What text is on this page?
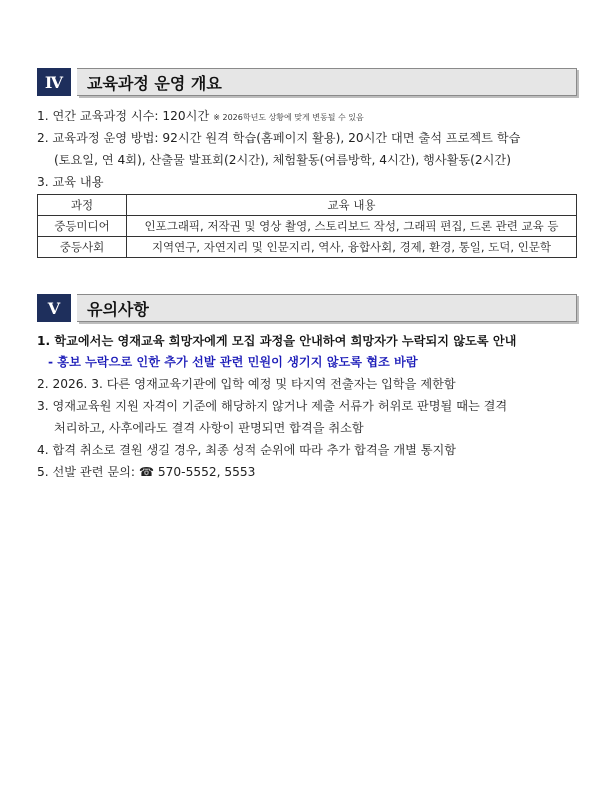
Ⅳ	교육과정 운영 개요
1. 연간 교육과정 시수: 120시간 ※ 2026학년도 상황에 맞게 변동될 수 있음
2. 교육과정 운영 방법: 92시간 원격 학습(홈페이지 활용), 20시간 대면 출석 프로젝트 학습
(토요일, 연 4회), 산출물 발표회(2시간), 체험활동(여름방학, 4시간), 행사활동(2시간)
3. 교육 내용
과정	교육 내용
중등미디어	인포그래픽, 저작권 및 영상 촬영, 스토리보드 작성, 그래픽 편집, 드론 관련 교육 등
중등사회	지역연구, 자연지리 및 인문지리, 역사, 융합사회, 경제, 환경, 통일, 도덕, 인문학
Ⅴ	유의사항
1. 학교에서는 영재교육 희망자에게 모집 과정을 안내하여 희망자가 누락되지 않도록 안내
- 홍보 누락으로 인한 추가 선발 관련 민원이 생기지 않도록 협조 바람
2. 2026. 3. 다른 영재교육기관에 입학 예정 및 타지역 전출자는 입학을 제한함
3. 영재교육원 지원 자격이 기준에 해당하지 않거나 제출 서류가 허위로 판명될 때는 결격
처리하고, 사후에라도 결격 사항이 판명되면 합격을 취소함
4. 합격 취소로 결원 생길 경우, 최종 성적 순위에 따라 추가 합격을 개별 통지함
5. 선발 관련 문의: ☎ 570-5552, 5553
